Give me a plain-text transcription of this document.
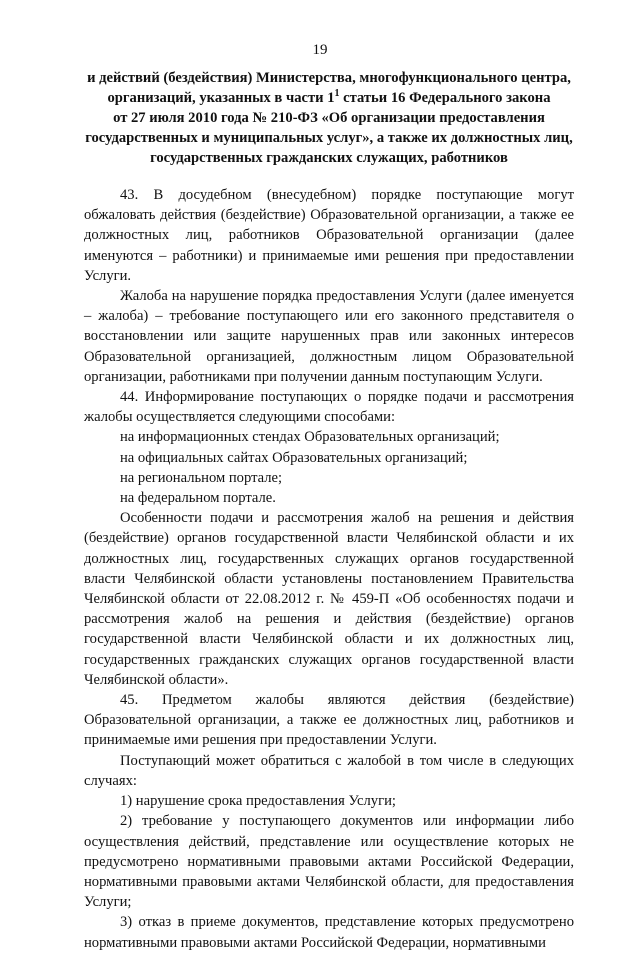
19
и действий (бездействия) Министерства, многофункционального центра,
организаций, указанных в части $1^1$ статьи 16 Федерального закона
от 27 июля 2010 года № 210-ФЗ «Об организации предоставления
государственных и муниципальных услуг», а также их должностных лиц,
государственных гражданских служащих, работников

43. В досудебном (внесудебном) порядке поступающие могут обжаловать действия (бездействие) Образовательной организации, а также ее должностных лиц, работников Образовательной организации (далее именуются – работники) и принимаемые ими решения при предоставлении Услуги.

Жалоба на нарушение порядка предоставления Услуги (далее именуется – жалоба) – требование поступающего или его законного представителя о восстановлении или защите нарушенных прав или законных интересов Образовательной организацией, должностным лицом Образовательной организации, работниками при получении данным поступающим Услуги.

44. Информирование поступающих о порядке подачи и рассмотрения жалобы осуществляется следующими способами:

на информационных стендах Образовательных организаций;

на официальных сайтах Образовательных организаций;

на региональном портале;

на федеральном портале.

Особенности подачи и рассмотрения жалоб на решения и действия (бездействие) органов государственной власти Челябинской области и их должностных лиц, государственных служащих органов государственной власти Челябинской области установлены постановлением Правительства Челябинской области от 22.08.2012 г. № 459-П «Об особенностях подачи и рассмотрения жалоб на решения и действия (бездействие) органов государственной власти Челябинской области и их должностных лиц, государственных гражданских служащих органов государственной власти Челябинской области».

45. Предметом жалобы являются действия (бездействие) Образовательной организации, а также ее должностных лиц, работников и принимаемые ими решения при предоставлении Услуги.

Поступающий может обратиться с жалобой в том числе в следующих случаях:

1) нарушение срока предоставления Услуги;

2) требование у поступающего документов или информации либо осуществления действий, представление или осуществление которых не предусмотрено нормативными правовыми актами Российской Федерации, нормативными правовыми актами Челябинской области, для предоставления Услуги;

3) отказ в приеме документов, представление которых предусмотрено нормативными правовыми актами Российской Федерации, нормативными
